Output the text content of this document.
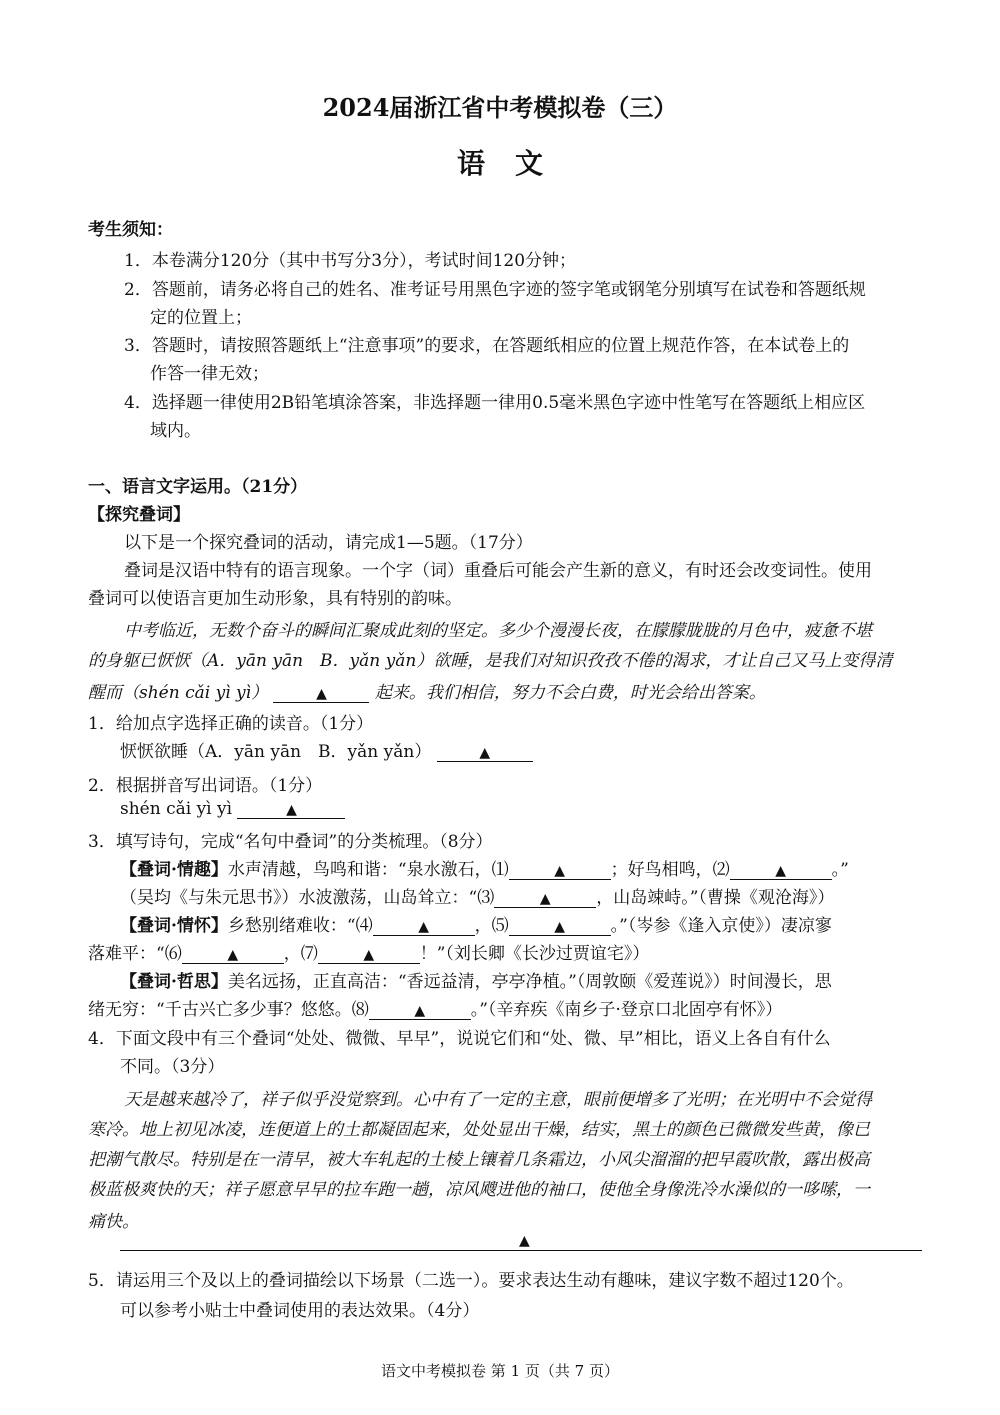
2024届浙江省中考模拟卷（三）
语文
考生须知：
1．本卷满分120分（其中书写分3分），考试时间120分钟；
2．答题前，请务必将自己的姓名、准考证号用黑色字迹的签字笔或钢笔分别填写在试卷和答题纸规
定的位置上；
3．答题时，请按照答题纸上“注意事项”的要求，在答题纸相应的位置上规范作答，在本试卷上的
作答一律无效；
4．选择题一律使用2B铅笔填涂答案，非选择题一律用0.5毫米黑色字迹中性笔写在答题纸上相应区
域内。
一、语言文字运用。（21分）
【探究叠词】
以下是一个探究叠词的活动，请完成1—5题。（17分）
叠词是汉语中特有的语言现象。一个字（词）重叠后可能会产生新的意义，有时还会改变词性。使用
叠词可以使语言更加生动形象，具有特别的韵味。
中考临近，无数个奋斗的瞬间汇聚成此刻的坚定。多少个漫漫长夜，在朦朦胧胧的月色中，疲惫不堪
的身躯已恹恹（A．yān yān　B．yǎn yǎn）欲睡，是我们对知识孜孜不倦的渴求，才让自己又马上变得清
醒而（shén cǎi yì yì）	▲	起来。我们相信，努力不会白费，时光会给出答案。
1．给加点字选择正确的读音。（1分）
恹恹欲睡（A．yān yān　B．yǎn yǎn）	▲
2．根据拼音写出词语。（1分）
shén cǎi yì yì	▲
3．填写诗句，完成“名句中叠词”的分类梳理。（8分）
【叠词·情趣】水声清越，鸟鸣和谐：“泉水激石，⑴	▲	；好鸟相鸣，⑵	▲	。”
（吴均《与朱元思书》）水波激荡，山岛耸立：“⑶	▲	，山岛竦峙。”（曹操《观沧海》）
【叠词·情怀】乡愁别绪难收：“⑷	▲	，⑸	▲	。”（岑参《逢入京使》）凄凉寥
落难平：“⑹	▲	，⑺	▲	！”（刘长卿《长沙过贾谊宅》）
【叠词·哲思】美名远扬，正直高洁：“香远益清，亭亭净植。”（周敦颐《爱莲说》）时间漫长，思
绪无穷：“千古兴亡多少事？悠悠。⑻	▲	。”（辛弃疾《南乡子·登京口北固亭有怀》）
4．下面文段中有三个叠词“处处、微微、早早”，说说它们和“处、微、早”相比，语义上各自有什么
不同。（3分）
天是越来越冷了，祥子似乎没觉察到。心中有了一定的主意，眼前便增多了光明；在光明中不会觉得
寒冷。地上初见冰凌，连便道上的土都凝固起来，处处显出干燥，结实，黑土的颜色已微微发些黄，像已
把潮气散尽。特别是在一清早，被大车轧起的土棱上镶着几条霜边，小风尖溜溜的把早霞吹散，露出极高
极蓝极爽快的天；祥子愿意早早的拉车跑一趟，凉风飕进他的袖口，使他全身像洗冷水澡似的一哆嗦，一
痛快。
▲
5．请运用三个及以上的叠词描绘以下场景（二选一）。要求表达生动有趣味，建议字数不超过120个。
可以参考小贴士中叠词使用的表达效果。（4分）
语文中考模拟卷 第 1 页（共 7 页）
